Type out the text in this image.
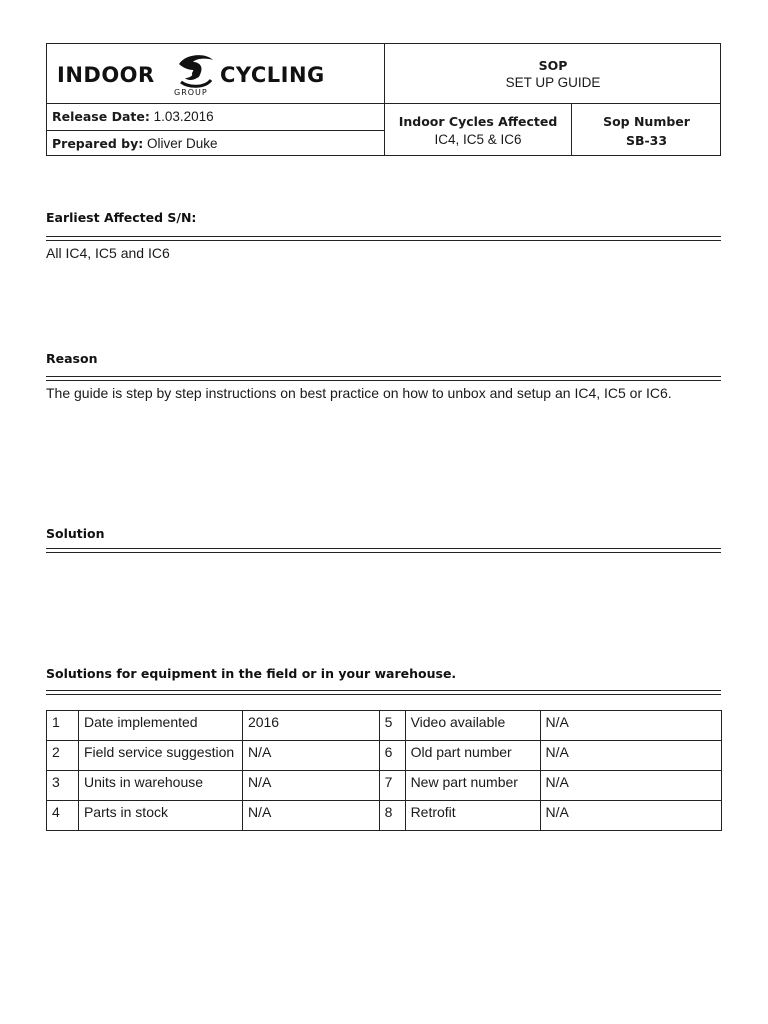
INDOOR	CYCLING
GROUP
SOP
SET UP GUIDE
Release Date: 1.03.2016
Prepared by: Oliver Duke
Indoor Cycles Affected
IC4, IC5 & IC6
Sop Number
SB-33
Earliest Affected S/N:
All IC4, IC5 and IC6
Reason
The guide is step by step instructions on best practice on how to unbox and setup an IC4, IC5 or IC6.
Solution
Solutions for equipment in the field or in your warehouse.
1	Date implemented	2016	5	Video available	N/A
2	Field service suggestion	N/A	6	Old part number	N/A
3	Units in warehouse	N/A	7	New part number	N/A
4	Parts in stock	N/A	8	Retrofit	N/A
